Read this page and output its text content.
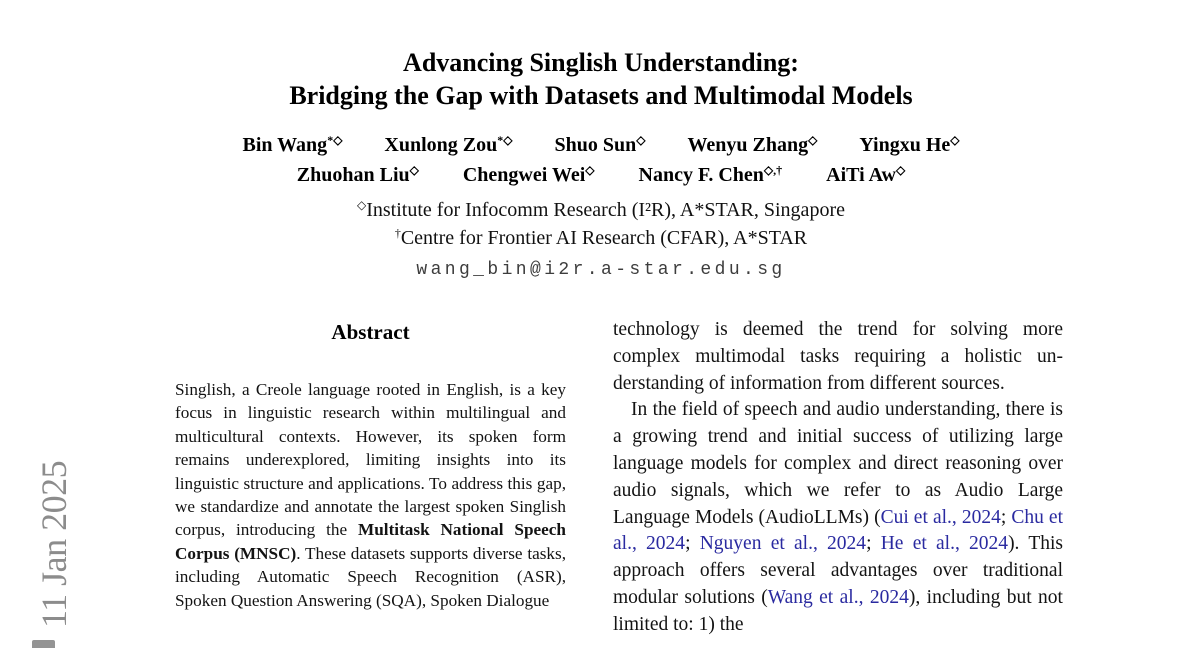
11 Jan 2025
Advancing Singlish Understanding:
Bridging the Gap with Datasets and Multimodal Models
Bin Wang*◇ Xunlong Zou*◇ Shuo Sun◇ Wenyu Zhang◇ Yingxu He◇
Zhuohan Liu◇ Chengwei Wei◇ Nancy F. Chen◇,† AiTi Aw◇
◇Institute for Infocomm Research (I²R), A*STAR, Singapore
†Centre for Frontier AI Research (CFAR), A*STAR
wang_bin@i2r.a-star.edu.sg
Abstract

Singlish, a Creole language rooted in English, is a key focus in linguistic research within multilingual and multicultural contexts. However, its spoken form remains underexplored, limiting insights into its linguistic structure and applications. To address this gap, we standardize and annotate the largest spoken Singlish corpus, introducing the Multitask National Speech Corpus (MNSC). These datasets supports diverse tasks, including Automatic Speech Recognition (ASR), Spoken Question Answering (SQA), Spoken Dialogue

technology is deemed the trend for solving more complex multimodal tasks requiring a holistic understanding of information from different sources.

In the field of speech and audio understanding, there is a growing trend and initial success of utilizing large language models for complex and direct reasoning over audio signals, which we refer to as Audio Large Language Models (AudioLLMs) (Cui et al., 2024; Chu et al., 2024; Nguyen et al., 2024; He et al., 2024). This approach offers several advantages over traditional modular solutions (Wang et al., 2024), including but not limited to: 1) the
